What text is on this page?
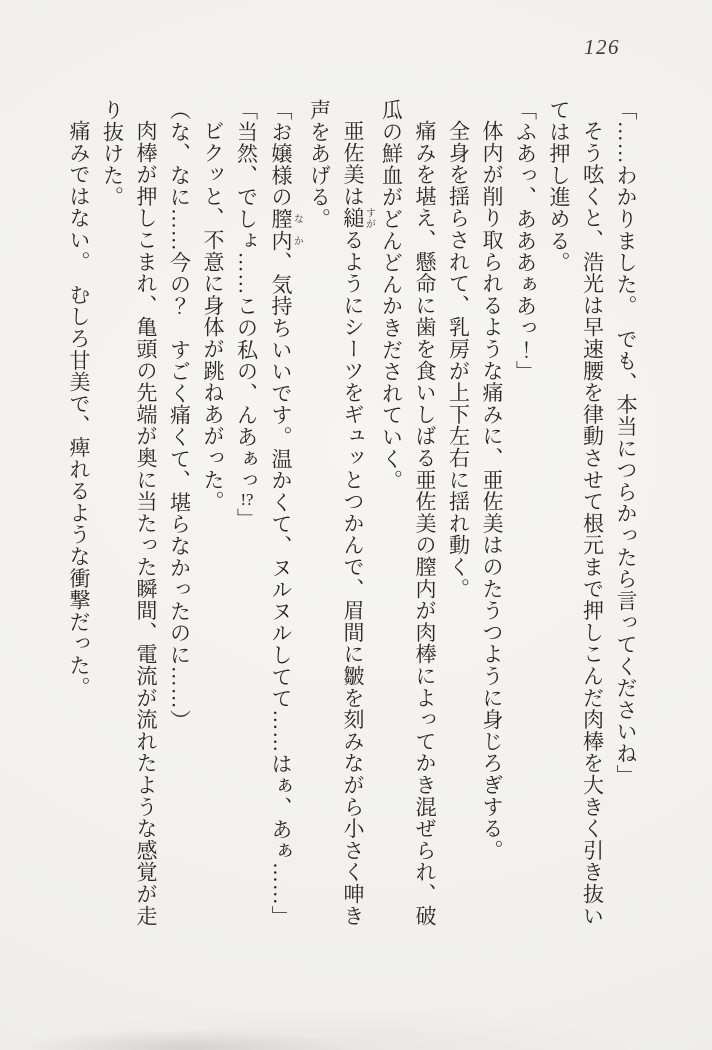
126
「……わかりました。　でも、本当につらかったら言ってくださいね」
そう呟くと、浩光は早速腰を律動させて根元まで押しこんだ肉棒を大きく引き抜い
ては押し進める。
「ふあっ、あああぁあっ！」
体内が削り取られるような痛みに、亜佐美はのたうつように身じろぎする。
全身を揺らされて、乳房が上下左右に揺れ動く。
痛みを堪え、懸命に歯を食いしばる亜佐美の膣内が肉棒によってかき混ぜられ、破
瓜の鮮血がどんどんかきだされていく。
亜佐美は縋すがるようにシーツをギュッとつかんで、眉間に皺を刻みながら小さく呻き
声をあげる。
「お嬢様の膣内なか、気持ちいいです。温かくて、ヌルヌルしてて……はぁ、あぁ……」
「当然、でしょ……この私の、んあぁっ!?」
ビクッと、不意に身体が跳ねあがった。
（な、なに……今の？　すごく痛くて、堪らなかったのに……）
肉棒が押しこまれ、亀頭の先端が奥に当たった瞬間、電流が流れたような感覚が走
り抜けた。
痛みではない。　むしろ甘美で、痺れるような衝撃だった。
